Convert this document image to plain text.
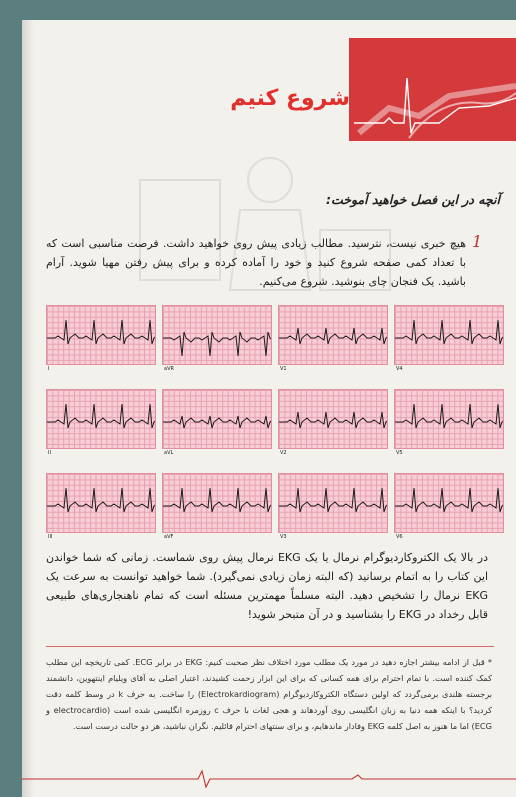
شروع کنیم
آنچه در این فصل خواهید آموخت:
1
هیچ خبری نیست، نترسید. مطالب زیادی پیش روی خواهید داشت. فرصت مناسبی است که با تعداد کمی صفحه شروع کنید و خود را آماده کرده و برای پیش رفتن مهیا شوید. آرام باشید. یک فنجان چای بنوشید. شروع می‌کنیم.
I	aVR	V1	V4
II	aVL	V2	V5
III	aVF	V3	V6
در بالا یک الکتروکاردیوگرام نرمال یا یک EKG نرمال پیش روی شماست. زمانی که شما خواندن این کتاب را به اتمام برسانید (که البته زمان زیادی نمی‌گیرد). شما خواهید توانست به سرعت یک EKG نرمال را تشخیص دهید. البته مسلماً مهمترین مسئله است که تمام ناهنجاری‌های طبیعی قابل رخداد در EKG را بشناسید و در آن متبحر شوید!
* قبل از ادامه بیشتر اجازه دهید در مورد یک مطلب مورد اختلاف نظر صحبت کنیم: EKG در برابر ECG. کمی تاریخچه این مطلب کمک کننده است. با تمام احترام برای همه کسانی که برای این ابزار زحمت کشیدند، اعتبار اصلی به آقای ویلیام اینتهوین، دانشمند برجسته هلندی برمی‌گردد که اولین دستگاه الکتروکاردیوگرام (Electrokardiogram) را ساخت. به حرف k در وسط کلمه دقت کردید؟ با اینکه همه دنیا به زبان انگلیسی روی آوردهاند و هجی لغات با حرف c روزمره انگلیسی شده است (electrocardio و ECG) اما ما هنوز به اصل کلمه EKG وفادار ماندهایم، و برای سنتهای احترام قائلیم. نگران نباشید، هر دو حالت درست است.
